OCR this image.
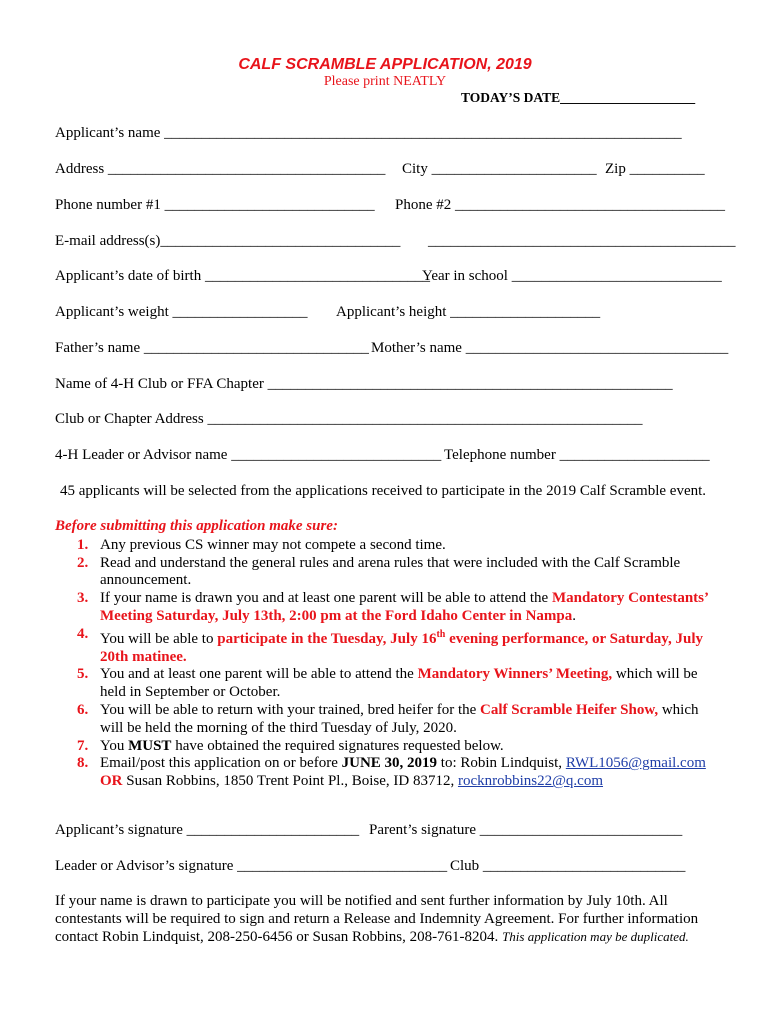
CALF SCRAMBLE APPLICATION, 2019
Please print NEATLY
TODAY’S DATE____________________
Applicant’s name _____________________________________________________________________
Address _____________________________________ City ______________________ Zip __________
Phone number #1 ____________________________ Phone #2 ____________________________________
E-mail address(s)________________________________ _________________________________________
Applicant’s date of birth ______________________________
Year in school ____________________________
Applicant’s weight __________________ Applicant’s height ____________________
Father’s name ______________________________ Mother’s name ___________________________________
Name of 4-H Club or FFA Chapter ______________________________________________________
Club or Chapter Address __________________________________________________________
4-H Leader or Advisor name ____________________________ Telephone number ____________________
45 applicants will be selected from the applications received to participate in the 2019 Calf Scramble event.
Before submitting this application make sure:
1. Any previous CS winner may not compete a second time.
2. Read and understand the general rules and arena rules that were included with the Calf Scramble announcement.
3. If your name is drawn you and at least one parent will be able to attend the Mandatory Contestants’ Meeting Saturday, July 13th, 2:00 pm at the Ford Idaho Center in Nampa.
4. You will be able to participate in the Tuesday, July 16th evening performance, or Saturday, July 20th matinee.
5. You and at least one parent will be able to attend the Mandatory Winners’ Meeting, which will be held in September or October.
6. You will be able to return with your trained, bred heifer for the Calf Scramble Heifer Show, which will be held the morning of the third Tuesday of July, 2020.
7. You MUST have obtained the required signatures requested below.
8. Email/post this application on or before JUNE 30, 2019 to: Robin Lindquist, RWL1056@gmail.com
OR Susan Robbins, 1850 Trent Point Pl., Boise, ID 83712, rocknrobbins22@q.com
Applicant’s signature _______________________ Parent’s signature ___________________________
Leader or Advisor’s signature ____________________________ Club ___________________________
If your name is drawn to participate you will be notified and sent further information by July 10th. All contestants will be required to sign and return a Release and Indemnity Agreement. For further information contact Robin Lindquist, 208-250-6456 or Susan Robbins, 208-761-8204. This application may be duplicated.
